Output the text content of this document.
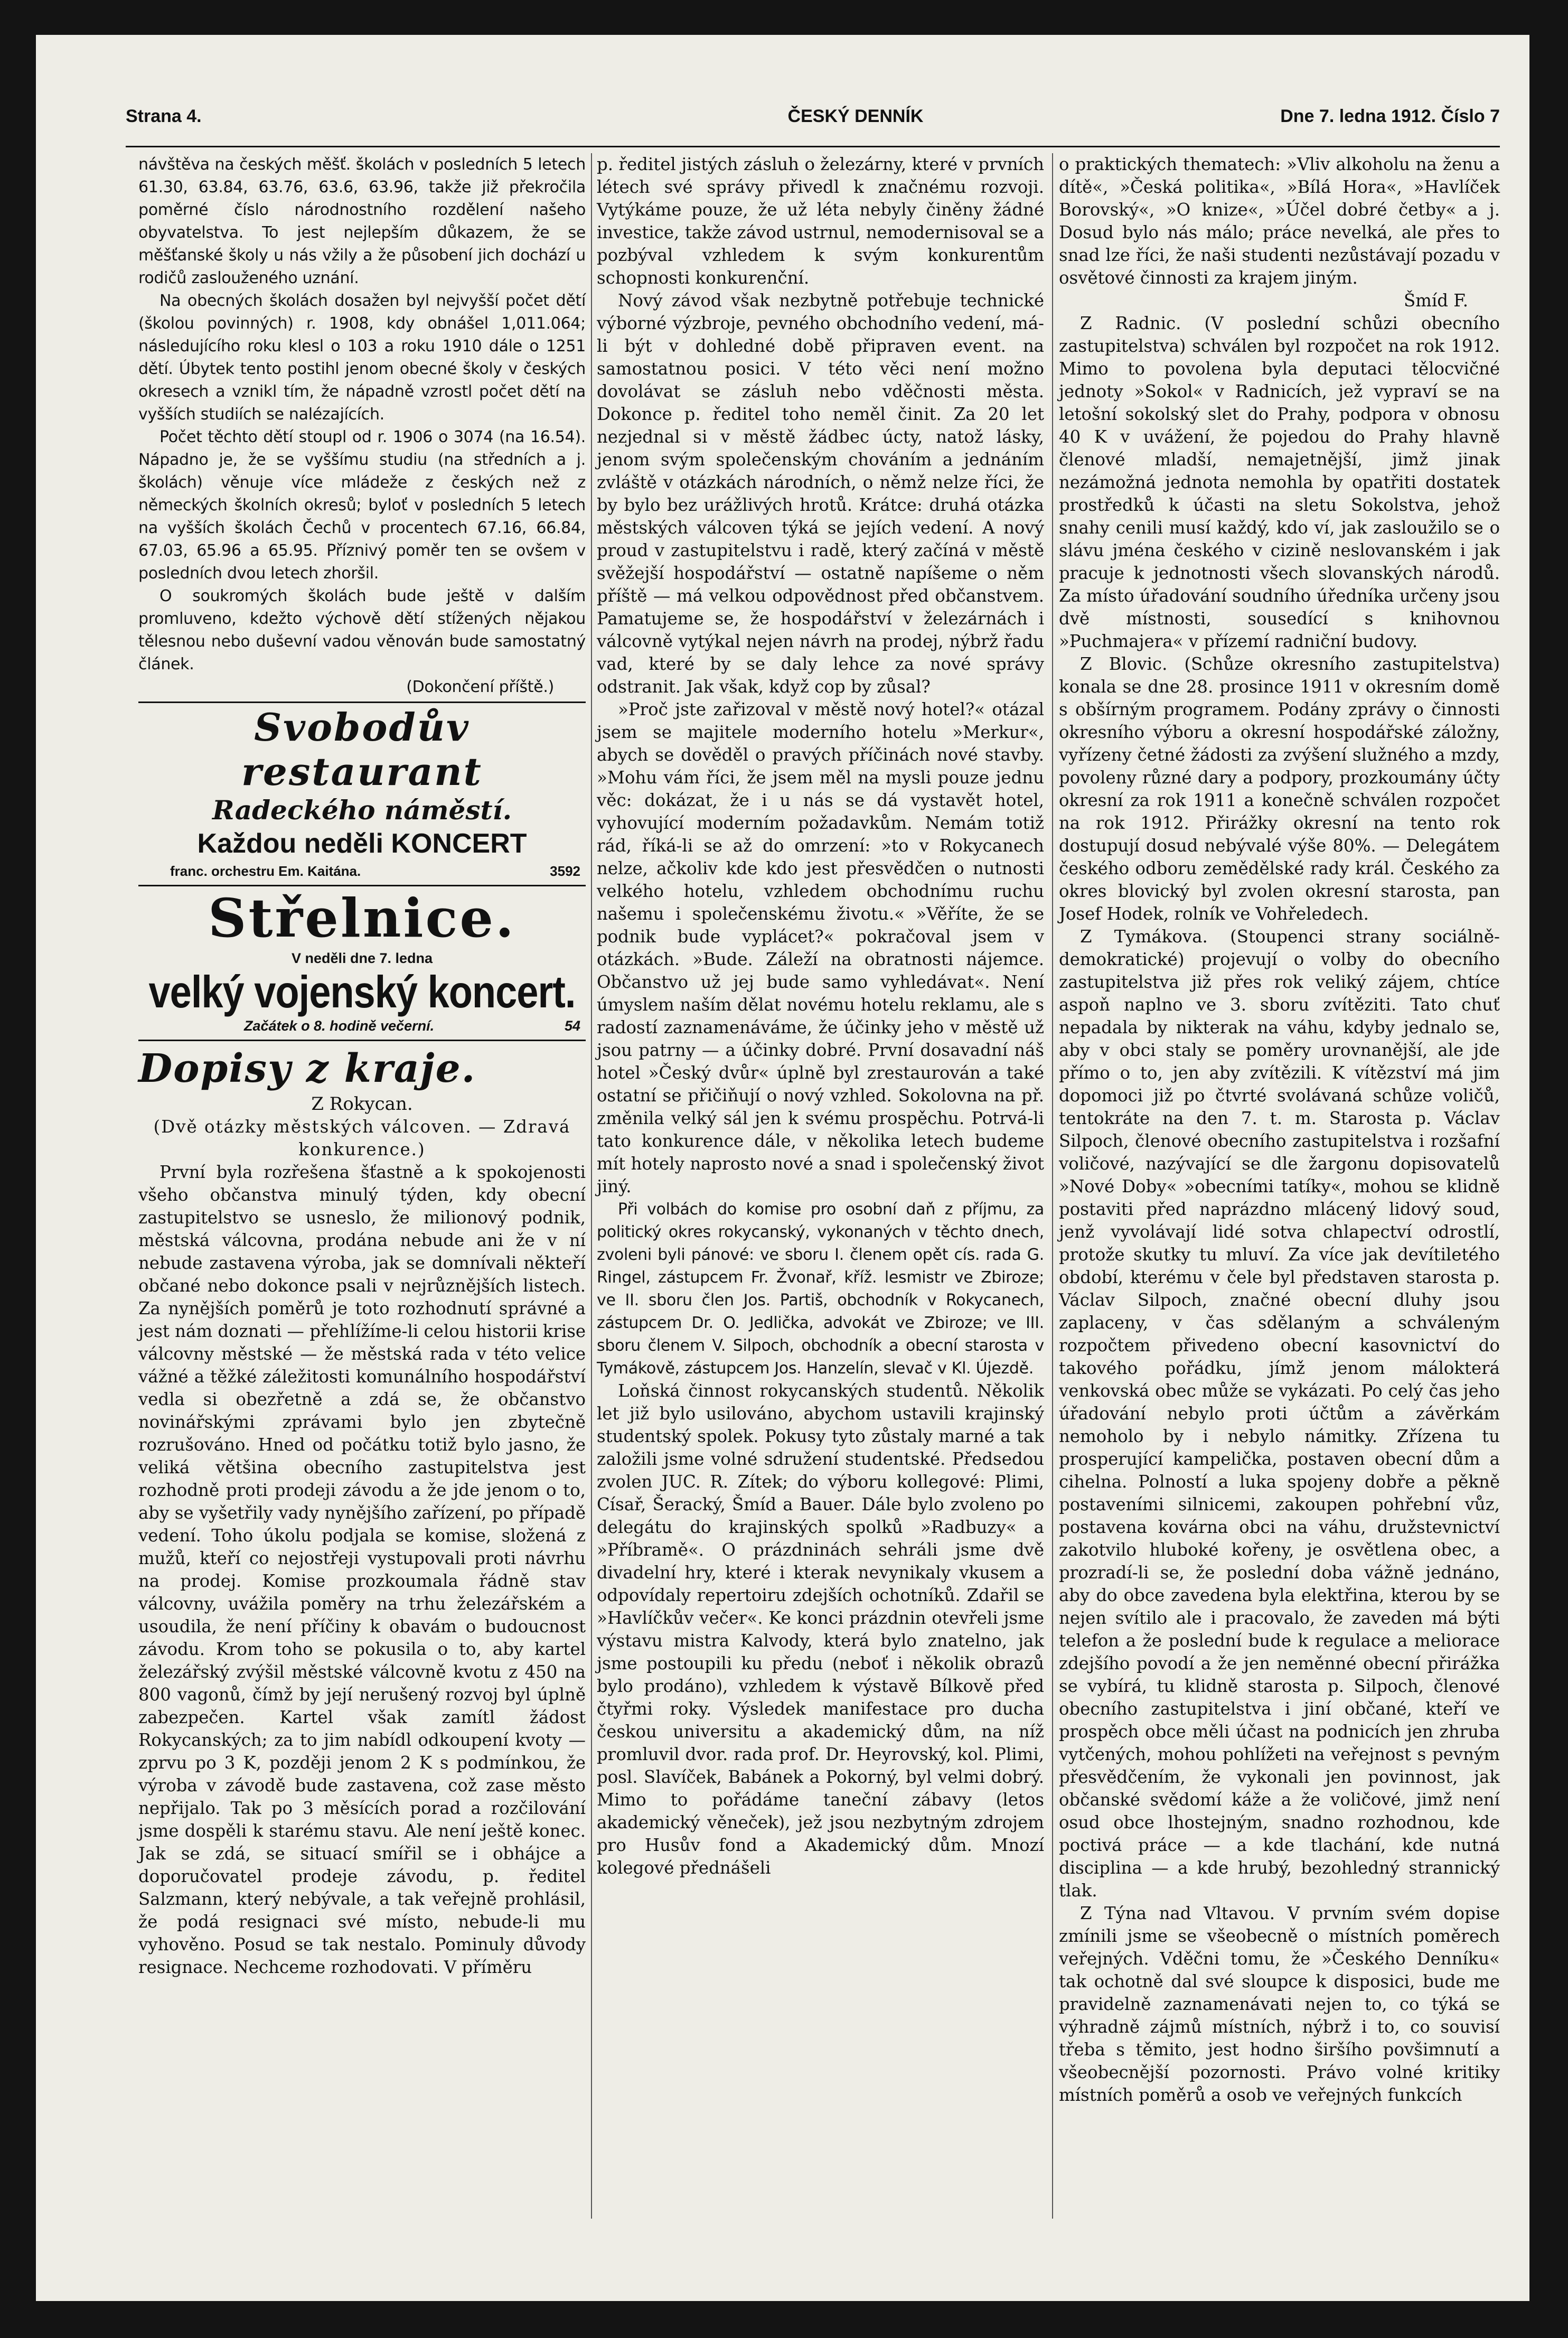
Strana 4.	ČESKÝ DENNÍK	Dne 7. ledna 1912. Číslo 7

návštěva na českých měšť. školách v posledních 5 letech 61.30, 63.84, 63.76, 63.6, 63.96, takže již překročila poměrné číslo národnostního rozdělení našeho obyvatelstva. To jest nejlepším důkazem, že se měšťanské školy u nás vžily a že působení jich dochází u rodičů zaslouženého uznání.

Na obecných školách dosažen byl nejvyšší počet dětí (školou povinných) r. 1908, kdy obnášel 1,011.064; následujícího roku klesl o 103 a roku 1910 dále o 1251 dětí. Úbytek tento postihl jenom obecné školy v českých okresech a vznikl tím, že nápadně vzrostl počet dětí na vyšších studiích se nalézajících.

Počet těchto dětí stoupl od r. 1906 o 3074 (na 16.54). Nápadno je, že se vyššímu studiu (na středních a j. školách) věnuje více mládeže z českých než z německých školních okresů; byloť v posledních 5 letech na vyšších školách Čechů v procentech 67.16, 66.84, 67.03, 65.96 a 65.95. Příznivý poměr ten se ovšem v posledních dvou letech zhoršil.

O soukromých školách bude ještě v dalším promluveno, kdežto výchově dětí stížených nějakou tělesnou nebo duševní vadou věnován bude samostatný článek.

(Dokončení příště.)

Svobodův restaurant
Radeckého náměstí.
Každou neděli KONCERT
franc. orchestru Em. Kaitána.	3592
Střelnice.
V neděli dne 7. ledna
velký vojenský koncert.
Začátek o 8. hodině večerní.	54
Dopisy z kraje.

Z Rokycan.

(Dvě otázky městských válcoven. — Zdravá konkurence.)

První byla rozřešena šťastně a k spokojenosti všeho občanstva minulý týden, kdy obecní zastupitelstvo se usneslo, že milionový podnik, městská válcovna, prodána nebude ani že v ní nebude zastavena výroba, jak se domnívali někteří občané nebo dokonce psali v nejrůznějších listech. Za nynějších poměrů je toto rozhodnutí správné a jest nám doznati — přehlížíme-li celou historii krise válcovny městské — že městská rada v této velice vážné a těžké záležitosti komunálního hospodářství vedla si obezřetně a zdá se, že občanstvo novinářskými zprávami bylo jen zbytečně rozrušováno. Hned od počátku totiž bylo jasno, že veliká většina obecního zastupitelstva jest rozhodně proti prodeji závodu a že jde jenom o to, aby se vyšetřily vady nynějšího zařízení, po případě vedení. Toho úkolu podjala se komise, složená z mužů, kteří co nejostřeji vystupovali proti návrhu na prodej. Komise prozkoumala řádně stav válcovny, uvážila poměry na trhu železářském a usoudila, že není příčiny k obavám o budoucnost závodu. Krom toho se pokusila o to, aby kartel železářský zvýšil městské válcovně kvotu z 450 na 800 vagonů, čímž by její nerušený rozvoj byl úplně zabezpečen. Kartel však zamítl žádost Rokycanských; za to jim nabídl odkoupení kvoty — zprvu po 3 K, později jenom 2 K s podmínkou, že výroba v závodě bude zastavena, což zase město nepřijalo. Tak po 3 měsících porad a rozčilování jsme dospěli k starému stavu. Ale není ještě konec. Jak se zdá, se situací smířil se i obhájce a doporučovatel prodeje závodu, p. ředitel Salzmann, který nebývale, a tak veřejně prohlásil, že podá resignaci své místo, nebude-li mu vyhověno. Posud se tak nestalo. Pominuly důvody resignace. Nechceme rozhodovati. V příměru

p. ředitel jistých zásluh o železárny, které v prvních létech své správy přivedl k značnému rozvoji. Vytýkáme pouze, že už léta nebyly činěny žádné investice, takže závod ustrnul, nemodernisoval se a pozbýval vzhledem k svým konkurentům schopnosti konkurenční.

Nový závod však nezbytně potřebuje technické výborné výzbroje, pevného obchodního vedení, má-li být v dohledné době připraven event. na samostatnou posici. V této věci není možno dovolávat se zásluh nebo vděčnosti města. Dokonce p. ředitel toho neměl činit. Za 20 let nezjednal si v městě žádbec úcty, natož lásky, jenom svým společenským chováním a jednáním zvláště v otázkách národních, o němž nelze říci, že by bylo bez urážlivých hrotů. Krátce: druhá otázka městských válcoven týká se jejích vedení. A nový proud v zastupitelstvu i radě, který začíná v městě svěžejší hospodářství — ostatně napíšeme o něm příště — má velkou odpovědnost před občanstvem. Pamatujeme se, že hospodářství v železárnách i válcovně vytýkal nejen návrh na prodej, nýbrž řadu vad, které by se daly lehce za nové správy odstranit. Jak však, když cop by zůsal?

»Proč jste zařizoval v městě nový hotel?« otázal jsem se majitele moderního hotelu »Merkur«, abych se dověděl o pravých příčinách nové stavby. »Mohu vám říci, že jsem měl na mysli pouze jednu věc: dokázat, že i u nás se dá vystavět hotel, vyhovující moderním požadavkům. Nemám totiž rád, říká-li se až do omrzení: »to v Rokycanech nelze, ačkoliv kde kdo jest přesvědčen o nutnosti velkého hotelu, vzhledem obchodnímu ruchu našemu i společenskému životu.« »Věříte, že se podnik bude vyplácet?« pokračoval jsem v otázkách. »Bude. Záleží na obratnosti nájemce. Občanstvo už jej bude samo vyhledávat«. Není úmyslem naším dělat novému hotelu reklamu, ale s radostí zaznamenáváme, že účinky jeho v městě už jsou patrny — a účinky dobré. První dosavadní náš hotel »Český dvůr« úplně byl zrestaurován a také ostatní se přičiňují o nový vzhled. Sokolovna na př. změnila velký sál jen k svému prospěchu. Potrvá-li tato konkurence dále, v několika letech budeme mít hotely naprosto nové a snad i společenský život jiný.

Při volbách do komise pro osobní daň z příjmu, za politický okres rokycanský, vykonaných v těchto dnech, zvoleni byli pánové: ve sboru I. členem opět cís. rada G. Ringel, zástupcem Fr. Žvonař, kříž. lesmistr ve Zbiroze; ve II. sboru člen Jos. Partiš, obchodník v Rokycanech, zástupcem Dr. O. Jedlička, advokát ve Zbiroze; ve III. sboru členem V. Silpoch, obchodník a obecní starosta v Tymákově, zástupcem Jos. Hanzelín, slevač v Kl. Újezdě.

Loňská činnost rokycanských studentů. Několik let již bylo usilováno, abychom ustavili krajinský studentský spolek. Pokusy tyto zůstaly marné a tak založili jsme volné sdružení studentské. Předsedou zvolen JUC. R. Zítek; do výboru kollegové: Plimi, Císař, Šeracký, Šmíd a Bauer. Dále bylo zvoleno po delegátu do krajinských spolků »Radbuzy« a »Příbramě«. O prázdninách sehráli jsme dvě divadelní hry, které i kterak nevynikaly vkusem a odpovídaly repertoiru zdejších ochotníků. Zdařil se »Havlíčkův večer«. Ke konci prázdnin otevřeli jsme výstavu mistra Kalvody, která bylo znatelno, jak jsme postoupili ku předu (neboť i několik obrazů bylo prodáno), vzhledem k výstavě Bílkově před čtyřmi roky. Výsledek manifestace pro ducha českou universitu a akademický dům, na níž promluvil dvor. rada prof. Dr. Heyrovský, kol. Plimi, posl. Slavíček, Babánek a Pokorný, byl velmi dobrý. Mimo to pořádáme taneční zábavy (letos akademický věneček), jež jsou nezbytným zdrojem pro Husův fond a Akademický dům. Mnozí kolegové přednášeli

o praktických thematech: »Vliv alkoholu na ženu a dítě«, »Česká politika«, »Bílá Hora«, »Havlíček Borovský«, »O knize«, »Účel dobré četby« a j. Dosud bylo nás málo; práce nevelká, ale přes to snad lze říci, že naši studenti nezůstávají pozadu v osvětové činnosti za krajem jiným.

Šmíd F.

Z Radnic. (V poslední schůzi obecního zastupitelstva) schválen byl rozpočet na rok 1912. Mimo to povolena byla deputaci tělocvičné jednoty »Sokol« v Radnicích, jež vypraví se na letošní sokolský slet do Prahy, podpora v obnosu 40 K v uvážení, že pojedou do Prahy hlavně členové mladší, nemajetnější, jimž jinak nezámožná jednota nemohla by opatřiti dostatek prostředků k účasti na sletu Sokolstva, jehož snahy cenili musí každý, kdo ví, jak zasloužilo se o slávu jména českého v cizině neslovanském i jak pracuje k jednotnosti všech slovanských národů. Za místo úřadování soudního úředníka určeny jsou dvě místnosti, sousedící s knihovnou »Puchmajera« v přízemí radniční budovy.

Z Blovic. (Schůze okresního zastupitelstva) konala se dne 28. prosince 1911 v okresním domě s obšírným programem. Podány zprávy o činnosti okresního výboru a okresní hospodářské záložny, vyřízeny četné žádosti za zvýšení služného a mzdy, povoleny různé dary a podpory, prozkoumány účty okresní za rok 1911 a konečně schválen rozpočet na rok 1912. Přirážky okresní na tento rok dostupují dosud nebývalé výše 80%. — Delegátem českého odboru zemědělské rady král. Českého za okres blovický byl zvolen okresní starosta, pan Josef Hodek, rolník ve Vohřeledech.

Z Tymákova. (Stoupenci strany sociálně-demokratické) projevují o volby do obecního zastupitelstva již přes rok veliký zájem, chtíce aspoň naplno ve 3. sboru zvítěziti. Tato chuť nepadala by nikterak na váhu, kdyby jednalo se, aby v obci staly se poměry urovnanější, ale jde přímo o to, jen aby zvítězili. K vítězství má jim dopomoci již po čtvrté svolávaná schůze voličů, tentokráte na den 7. t. m. Starosta p. Václav Silpoch, členové obecního zastupitelstva i rozšafní voličové, nazývající se dle žargonu dopisovatelů »Nové Doby« »obecními tatíky«, mohou se klidně postaviti před naprázdno mlácený lidový soud, jenž vyvolávají lidé sotva chlapectví odrostlí, protože skutky tu mluví. Za více jak devítiletého období, kterému v čele byl představen starosta p. Václav Silpoch, značné obecní dluhy jsou zaplaceny, v čas sdělaným a schváleným rozpočtem přivedeno obecní kasovnictví do takového pořádku, jímž jenom málokterá venkovská obec může se vykázati. Po celý čas jeho úřadování nebylo proti účtům a závěrkám nemoholo by i nebylo námitky. Zřízena tu prosperující kampelička, postaven obecní dům a cihelna. Polností a luka spojeny dobře a pěkně postaveními silnicemi, zakoupen pohřební vůz, postavena kovárna obci na váhu, družstevnictví zakotvilo hluboké kořeny, je osvětlena obec, a prozradí-li se, že poslední doba vážně jednáno, aby do obce zavedena byla elektřina, kterou by se nejen svítilo ale i pracovalo, že zaveden má býti telefon a že poslední bude k regulace a meliorace zdejšího povodí a že jen neměnné obecní přirážka se vybírá, tu klidně starosta p. Silpoch, členové obecního zastupitelstva i jiní občané, kteří ve prospěch obce měli účast na podnicích jen zhruba vytčených, mohou pohlížeti na veřejnost s pevným přesvědčením, že vykonali jen povinnost, jak občanské svědomí káže a že voličové, jimž není osud obce lhostejným, snadno rozhodnou, kde poctivá práce — a kde tlachání, kde nutná disciplina — a kde hrubý, bezohledný strannický tlak.

Z Týna nad Vltavou. V prvním svém dopise zmínili jsme se všeobecně o místních poměrech veřejných. Vděčni tomu, že »Českého Denníku« tak ochotně dal své sloupce k disposici, bude me pravidelně zaznamenávati nejen to, co týká se výhradně zájmů místních, nýbrž i to, co souvisí třeba s těmito, jest hodno širšího povšimnutí a všeobecnější pozornosti. Právo volné kritiky místních poměrů a osob ve veřejných funkcích
